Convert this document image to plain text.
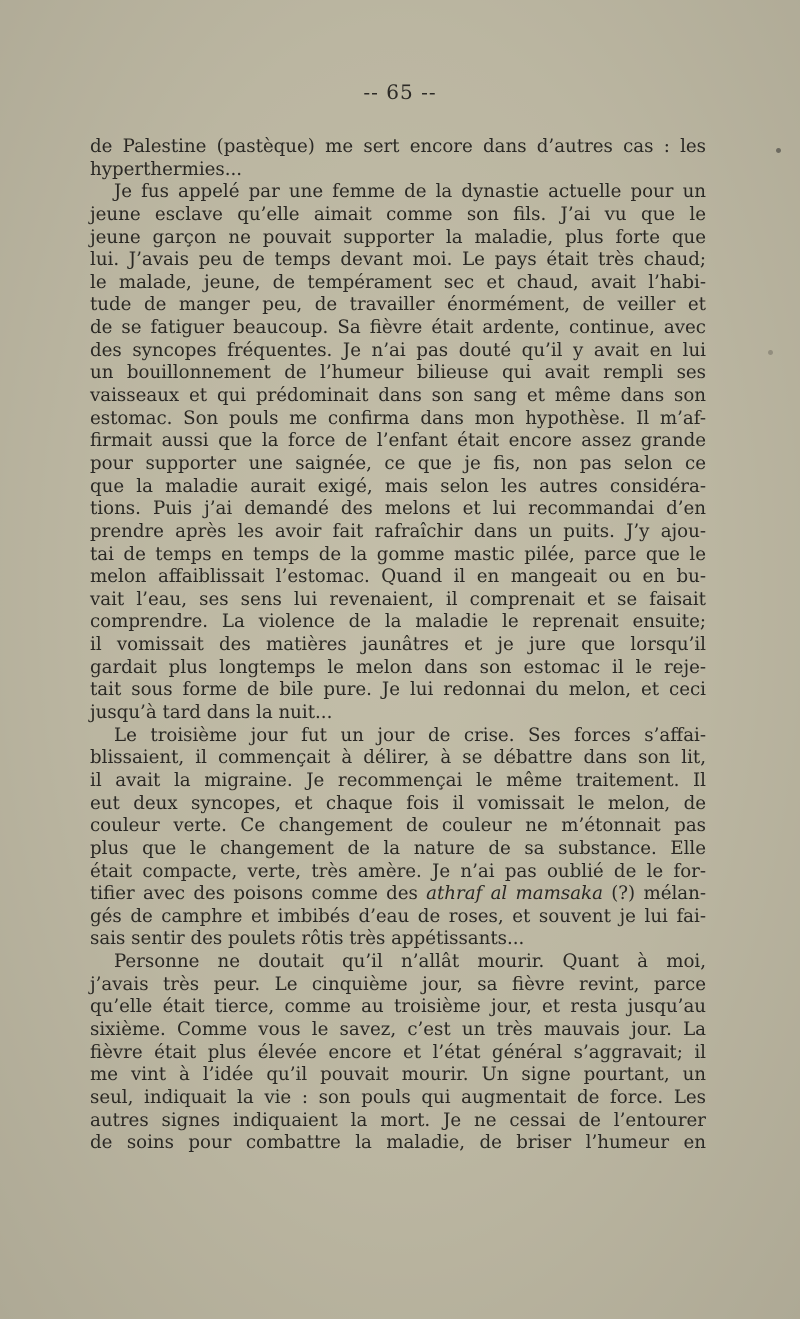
-- 65 --
de Palestine (pastèque) me sert encore dans d’autres cas : les
hyperthermies...
Je fus appelé par une femme de la dynastie actuelle pour un
jeune esclave qu’elle aimait comme son fils. J’ai vu que le
jeune garçon ne pouvait supporter la maladie, plus forte que
lui. J’avais peu de temps devant moi. Le pays était très chaud;
le malade, jeune, de tempérament sec et chaud, avait l’habi-
tude de manger peu, de travailler énormément, de veiller et
de se fatiguer beaucoup. Sa fièvre était ardente, continue, avec
des syncopes fréquentes. Je n’ai pas douté qu’il y avait en lui
un bouillonnement de l’humeur bilieuse qui avait rempli ses
vaisseaux et qui prédominait dans son sang et même dans son
estomac. Son pouls me confirma dans mon hypothèse. Il m’af-
firmait aussi que la force de l’enfant était encore assez grande
pour supporter une saignée, ce que je fis, non pas selon ce
que la maladie aurait exigé, mais selon les autres considéra-
tions. Puis j’ai demandé des melons et lui recommandai d’en
prendre après les avoir fait rafraîchir dans un puits. J’y ajou-
tai de temps en temps de la gomme mastic pilée, parce que le
melon affaiblissait l’estomac. Quand il en mangeait ou en bu-
vait l’eau, ses sens lui revenaient, il comprenait et se faisait
comprendre. La violence de la maladie le reprenait ensuite;
il vomissait des matières jaunâtres et je jure que lorsqu’il
gardait plus longtemps le melon dans son estomac il le reje-
tait sous forme de bile pure. Je lui redonnai du melon, et ceci
jusqu’à tard dans la nuit...
Le troisième jour fut un jour de crise. Ses forces s’affai-
blissaient, il commençait à délirer, à se débattre dans son lit,
il avait la migraine. Je recommençai le même traitement. Il
eut deux syncopes, et chaque fois il vomissait le melon, de
couleur verte. Ce changement de couleur ne m’étonnait pas
plus que le changement de la nature de sa substance. Elle
était compacte, verte, très amère. Je n’ai pas oublié de le for-
tifier avec des poisons comme des athraf al mamsaka (?) mélan-
gés de camphre et imbibés d’eau de roses, et souvent je lui fai-
sais sentir des poulets rôtis très appétissants...
Personne ne doutait qu’il n’allât mourir. Quant à moi,
j’avais très peur. Le cinquième jour, sa fièvre revint, parce
qu’elle était tierce, comme au troisième jour, et resta jusqu’au
sixième. Comme vous le savez, c’est un très mauvais jour. La
fièvre était plus élevée encore et l’état général s’aggravait; il
me vint à l’idée qu’il pouvait mourir. Un signe pourtant, un
seul, indiquait la vie : son pouls qui augmentait de force. Les
autres signes indiquaient la mort. Je ne cessai de l’entourer
de soins pour combattre la maladie, de briser l’humeur en
